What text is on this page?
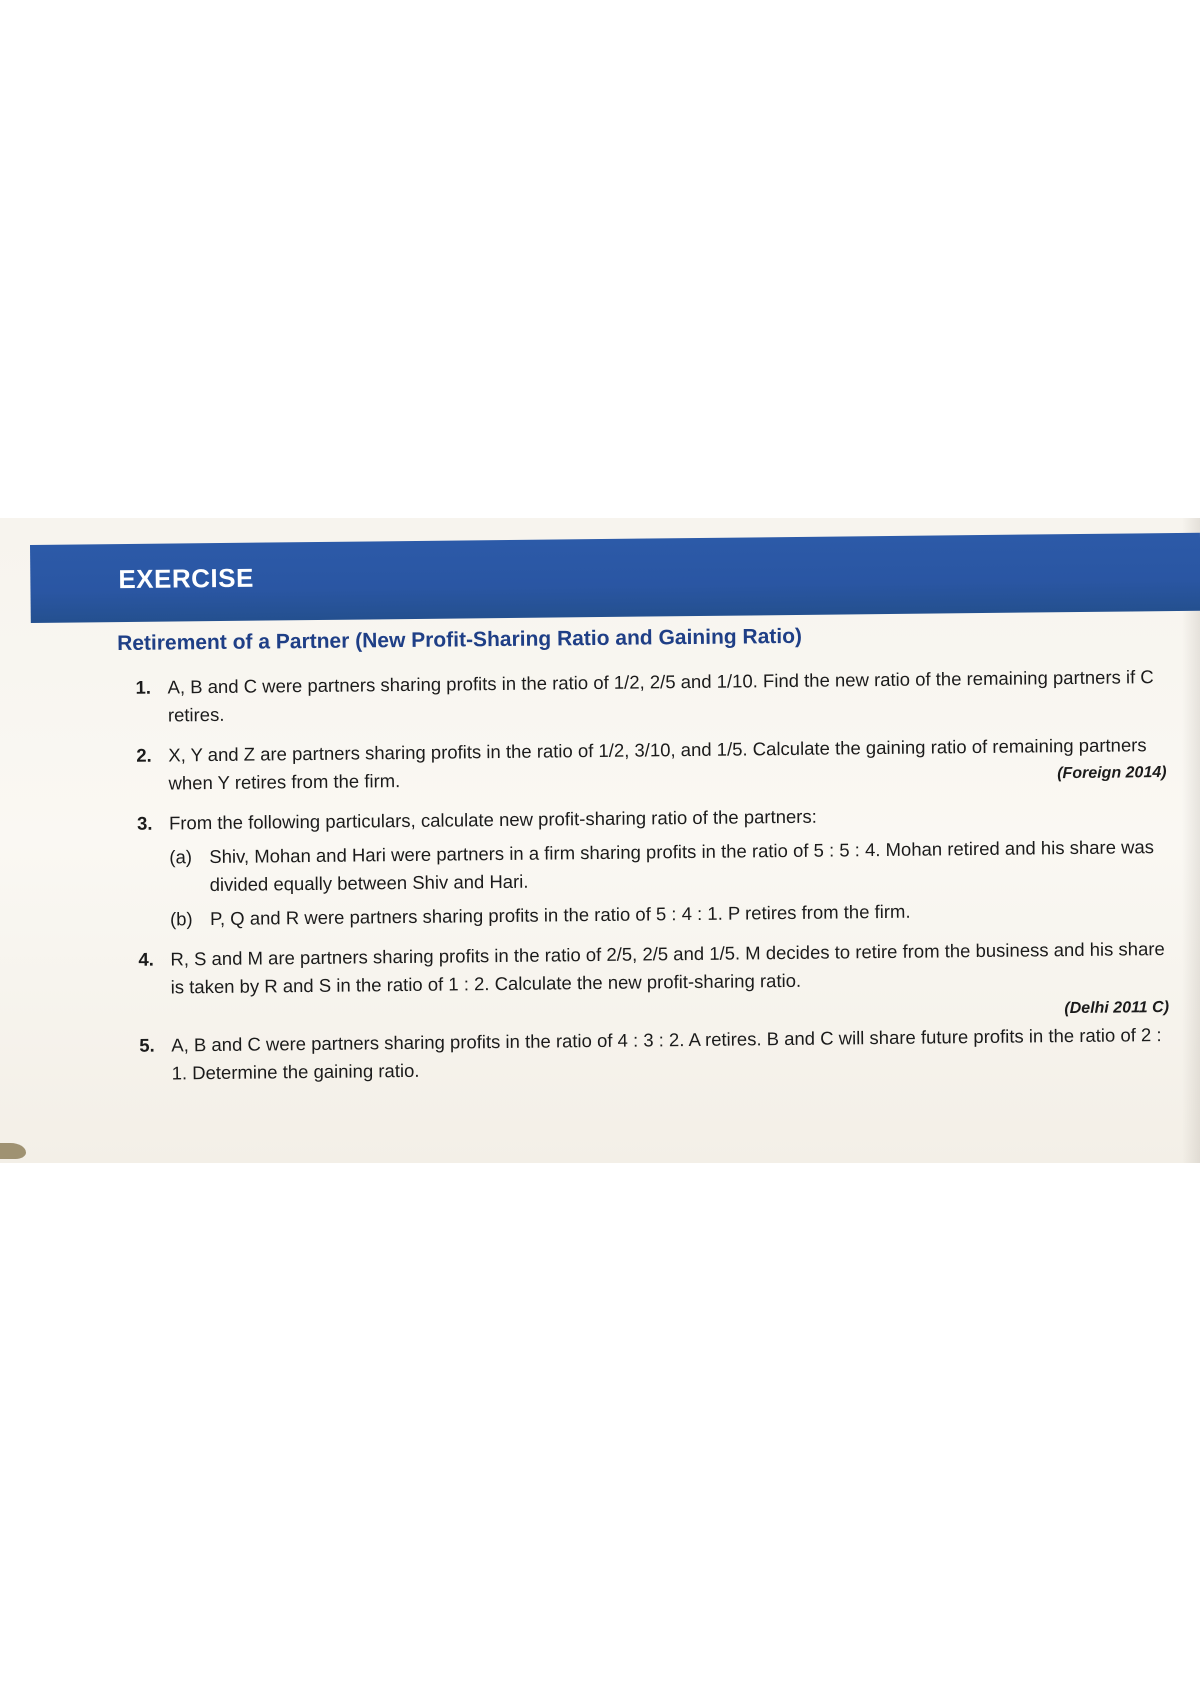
EXERCISE
Retirement of a Partner (New Profit-Sharing Ratio and Gaining Ratio)
1. A, B and C were partners sharing profits in the ratio of 1/2, 2/5 and 1/10. Find the new ratio of the remaining partners if C retires.
2. X, Y and Z are partners sharing profits in the ratio of 1/2, 3/10, and 1/5. Calculate the gaining ratio of remaining partners when Y retires from the firm.	(Foreign 2014)
3. From the following particulars, calculate new profit-sharing ratio of the partners:
(a) Shiv, Mohan and Hari were partners in a firm sharing profits in the ratio of 5 : 5 : 4. Mohan retired and his share was divided equally between Shiv and Hari.
(b) P, Q and R were partners sharing profits in the ratio of 5 : 4 : 1. P retires from the firm.
4. R, S and M are partners sharing profits in the ratio of 2/5, 2/5 and 1/5. M decides to retire from the business and his share is taken by R and S in the ratio of 1 : 2. Calculate the new profit-sharing ratio.
(Delhi 2011 C)
5. A, B and C were partners sharing profits in the ratio of 4 : 3 : 2. A retires. B and C will share future profits in the ratio of 2 : 1. Determine the gaining ratio.
